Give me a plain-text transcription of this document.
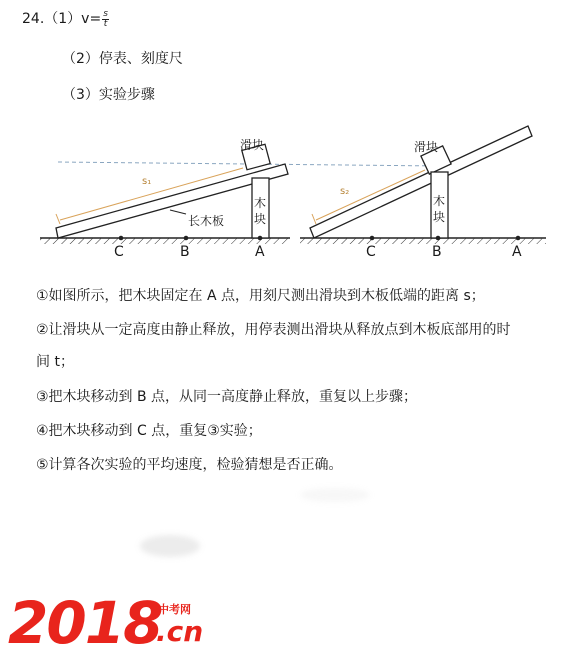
$24.(1)v= \frac{s}{t}$
（2）停表、刻度尺
（3）实验步骤
滑块
s₁
长木板
木
块
C	B	A
滑块
s₂
木
块
C	B	A
①如图所示，把木块固定在 A 点，用刻尺测出滑块到木板低端的距离 s；
②让滑块从一定高度由静止释放，用停表测出滑块从释放点到木板底部用的时
间 t；
③把木块移动到 B 点，从同一高度静止释放，重复以上步骤；
④把木块移动到 C 点，重复③实验；
⑤计算各次实验的平均速度，检验猜想是否正确。
2018
中考网
.cn
